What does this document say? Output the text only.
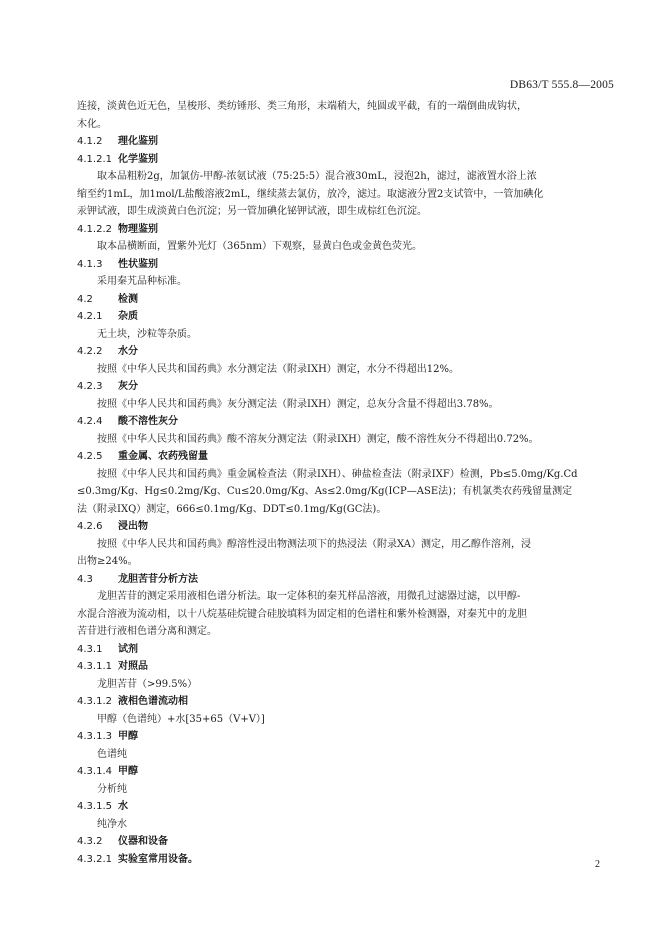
DB63/T 555.8—2005

连接，淡黄色近无色，呈梭形、类纺锤形、类三角形，末端稍大，纯圆或平截，有的一端倒曲成钩状，

木化。

4.1.2 理化鉴别

4.1.2.1 化学鉴别

取本品粗粉2g，加氯仿-甲醇-浓氨试液（75:25:5）混合液30mL，浸泡2h，滤过，滤液置水浴上浓

缩至约1mL，加1mol/L盐酸溶液2mL，继续蒸去氯仿，放冷，滤过。取滤液分置2支试管中，一管加碘化

汞钾试液，即生成淡黄白色沉淀；另一管加碘化铋钾试液，即生成棕红色沉淀。

4.1.2.2 物理鉴别

取本品横断面，置紫外光灯（365nm）下观察，显黄白色或金黄色荧光。

4.1.3 性状鉴别

采用秦艽品种标准。

4.2	检测

4.2.1 杂质

无土块，沙粒等杂质。

4.2.2 水分

按照《中华人民共和国药典》水分测定法（附录IXH）测定，水分不得超出12%。

4.2.3 灰分

按照《中华人民共和国药典》灰分测定法（附录IXH）测定，总灰分含量不得超出3.78%。

4.2.4 酸不溶性灰分

按照《中华人民共和国药典》酸不溶灰分测定法（附录IXH）测定，酸不溶性灰分不得超出0.72%。

4.2.5 重金属、农药残留量

按照《中华人民共和国药典》重金属检查法（附录IXH）、砷盐检查法（附录IXF）检测，Pb≤5.0mg/Kg.Cd

≤0.3mg/Kg、Hg≤0.2mg/Kg、Cu≤20.0mg/Kg、As≤2.0mg/Kg(ICP—ASE法)；有机氯类农药残留量测定

法（附录IXQ）测定，666≤0.1mg/Kg、DDT≤0.1mg/Kg(GC法)。

4.2.6 浸出物

按照《中华人民共和国药典》醇溶性浸出物测法项下的热浸法（附录XA）测定，用乙醇作溶剂，浸

出物≥24%。

4.3	龙胆苦苷分析方法

龙胆苦苷的测定采用液相色谱分析法。取一定体积的秦艽样品溶液，用微孔过滤器过滤，以甲醇-

水混合溶液为流动相，以十八烷基硅烷键合硅胶填料为固定相的色谱柱和紫外检测器，对秦艽中的龙胆

苦苷进行液相色谱分离和测定。

4.3.1 试剂

4.3.1.1 对照品

龙胆苦苷（>99.5%）

4.3.1.2 液相色谱流动相

甲醇（色谱纯）+水[35+65（V+V）]

4.3.1.3 甲醇

色谱纯

4.3.1.4 甲醇

分析纯

4.3.1.5 水

纯净水

4.3.2 仪器和设备

4.3.2.1 实验室常用设备。	2
